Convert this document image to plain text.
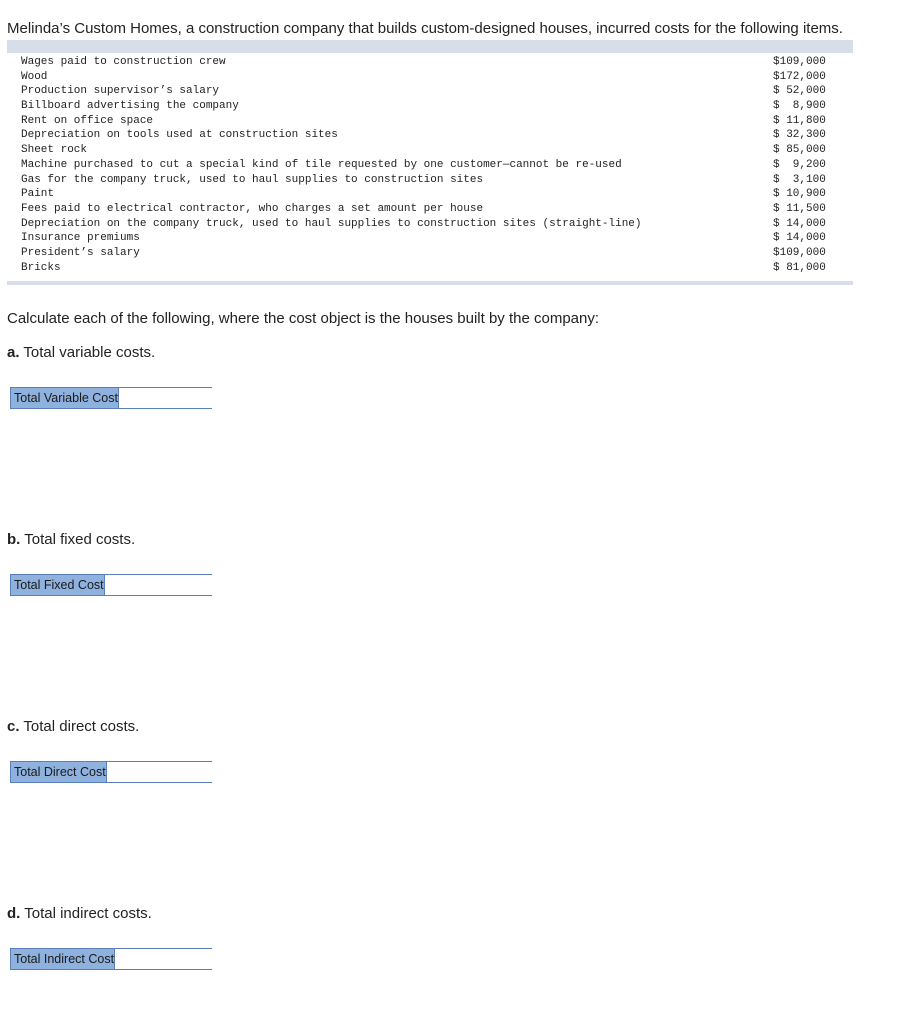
Melinda’s Custom Homes, a construction company that builds custom-designed houses, incurred costs for the following items.
Wages paid to construction crew	$109,000
Wood	$172,000
Production supervisor’s salary	$ 52,000
Billboard advertising the company	$  8,900
Rent on office space	$ 11,800
Depreciation on tools used at construction sites	$ 32,300
Sheet rock	$ 85,000
Machine purchased to cut a special kind of tile requested by one customer—cannot be re-used	$  9,200
Gas for the company truck, used to haul supplies to construction sites	$  3,100
Paint	$ 10,900
Fees paid to electrical contractor, who charges a set amount per house	$ 11,500
Depreciation on the company truck, used to haul supplies to construction sites (straight-line)	$ 14,000
Insurance premiums	$ 14,000
President’s salary	$109,000
Bricks	$ 81,000
Calculate each of the following, where the cost object is the houses built by the company:
a. Total variable costs.
Total Variable Cost
b. Total fixed costs.
Total Fixed Cost
c. Total direct costs.
Total Direct Cost
d. Total indirect costs.
Total Indirect Cost
